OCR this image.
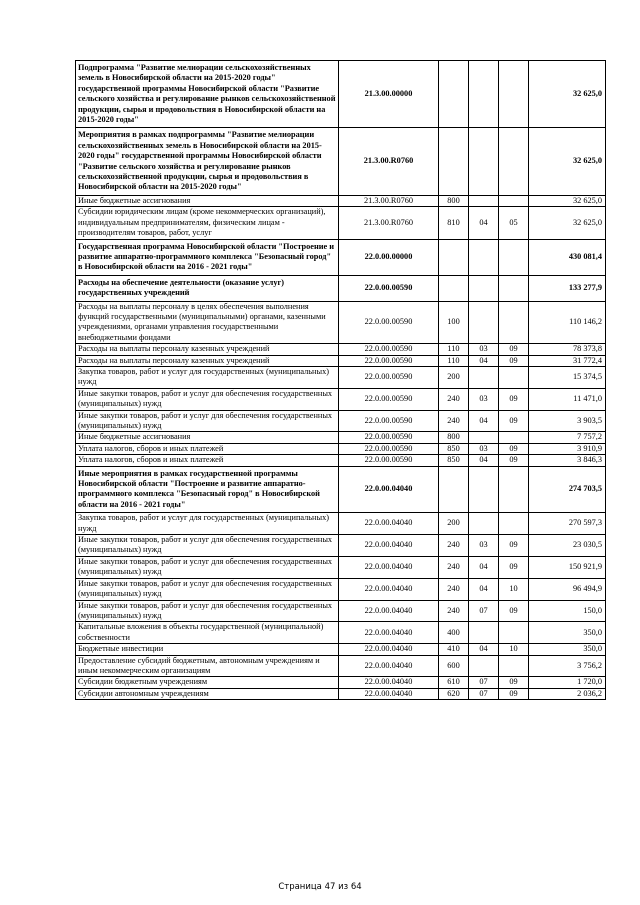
Подпрограмма "Развитие мелиорации сельскохозяйственных земель в Новосибирской области на 2015-2020 годы" государственной программы Новосибирской области "Развитие сельского хозяйства и регулирование рынков сельскохозяйственной продукции, сырья и продовольствия в Новосибирской области на 2015-2020 годы"	21.3.00.00000				32 625,0
Мероприятия в рамках подпрограммы "Развитие мелиорации сельскохозяйственных земель в Новосибирской области на 2015-2020 годы" государственной программы Новосибирской области "Развитие сельского хозяйства и регулирование рынков сельскохозяйственной продукции, сырья и продовольствия в Новосибирской области на 2015-2020 годы"	21.3.00.R0760				32 625,0
Иные бюджетные ассигнования	21.3.00.R0760	800			32 625,0
Субсидии юридическим лицам (кроме некоммерческих организаций), индивидуальным предпринимателям, физическим лицам - производителям товаров, работ, услуг	21.3.00.R0760	810	04	05	32 625,0
Государственная программа Новосибирской области "Построение и развитие аппаратно-программного комплекса "Безопасный город" в Новосибирской области на 2016 - 2021 годы"	22.0.00.00000				430 081,4
Расходы на обеспечение деятельности (оказание услуг) государственных учреждений	22.0.00.00590				133 277,9
Расходы на выплаты персоналу в целях обеспечения выполнения функций государственными (муниципальными) органами, казенными учреждениями, органами управления государственными внебюджетными фондами	22.0.00.00590	100			110 146,2
Расходы на выплаты персоналу казенных учреждений	22.0.00.00590	110	03	09	78 373,8
Расходы на выплаты персоналу казенных учреждений	22.0.00.00590	110	04	09	31 772,4
Закупка товаров, работ и услуг для государственных (муниципальных) нужд	22.0.00.00590	200			15 374,5
Иные закупки товаров, работ и услуг для обеспечения государственных (муниципальных) нужд	22.0.00.00590	240	03	09	11 471,0
Иные закупки товаров, работ и услуг для обеспечения государственных (муниципальных) нужд	22.0.00.00590	240	04	09	3 903,5
Иные бюджетные ассигнования	22.0.00.00590	800			7 757,2
Уплата налогов, сборов и иных платежей	22.0.00.00590	850	03	09	3 910,9
Уплата налогов, сборов и иных платежей	22.0.00.00590	850	04	09	3 846,3
Иные мероприятия в рамках государственной программы Новосибирской области "Построение и развитие аппаратно-программного комплекса "Безопасный город" в Новосибирской области на 2016 - 2021 годы"	22.0.00.04040				274 703,5
Закупка товаров, работ и услуг для государственных (муниципальных) нужд	22.0.00.04040	200			270 597,3
Иные закупки товаров, работ и услуг для обеспечения государственных (муниципальных) нужд	22.0.00.04040	240	03	09	23 030,5
Иные закупки товаров, работ и услуг для обеспечения государственных (муниципальных) нужд	22.0.00.04040	240	04	09	150 921,9
Иные закупки товаров, работ и услуг для обеспечения государственных (муниципальных) нужд	22.0.00.04040	240	04	10	96 494,9
Иные закупки товаров, работ и услуг для обеспечения государственных (муниципальных) нужд	22.0.00.04040	240	07	09	150,0
Капитальные вложения в объекты государственной (муниципальной) собственности	22.0.00.04040	400			350,0
Бюджетные инвестиции	22.0.00.04040	410	04	10	350,0
Предоставление субсидий бюджетным, автономным учреждениям и иным некоммерческим организациям	22.0.00.04040	600			3 756,2
Субсидии бюджетным учреждениям	22.0.00.04040	610	07	09	1 720,0
Субсидии автономным учреждениям	22.0.00.04040	620	07	09	2 036,2
Страница 47 из 64
